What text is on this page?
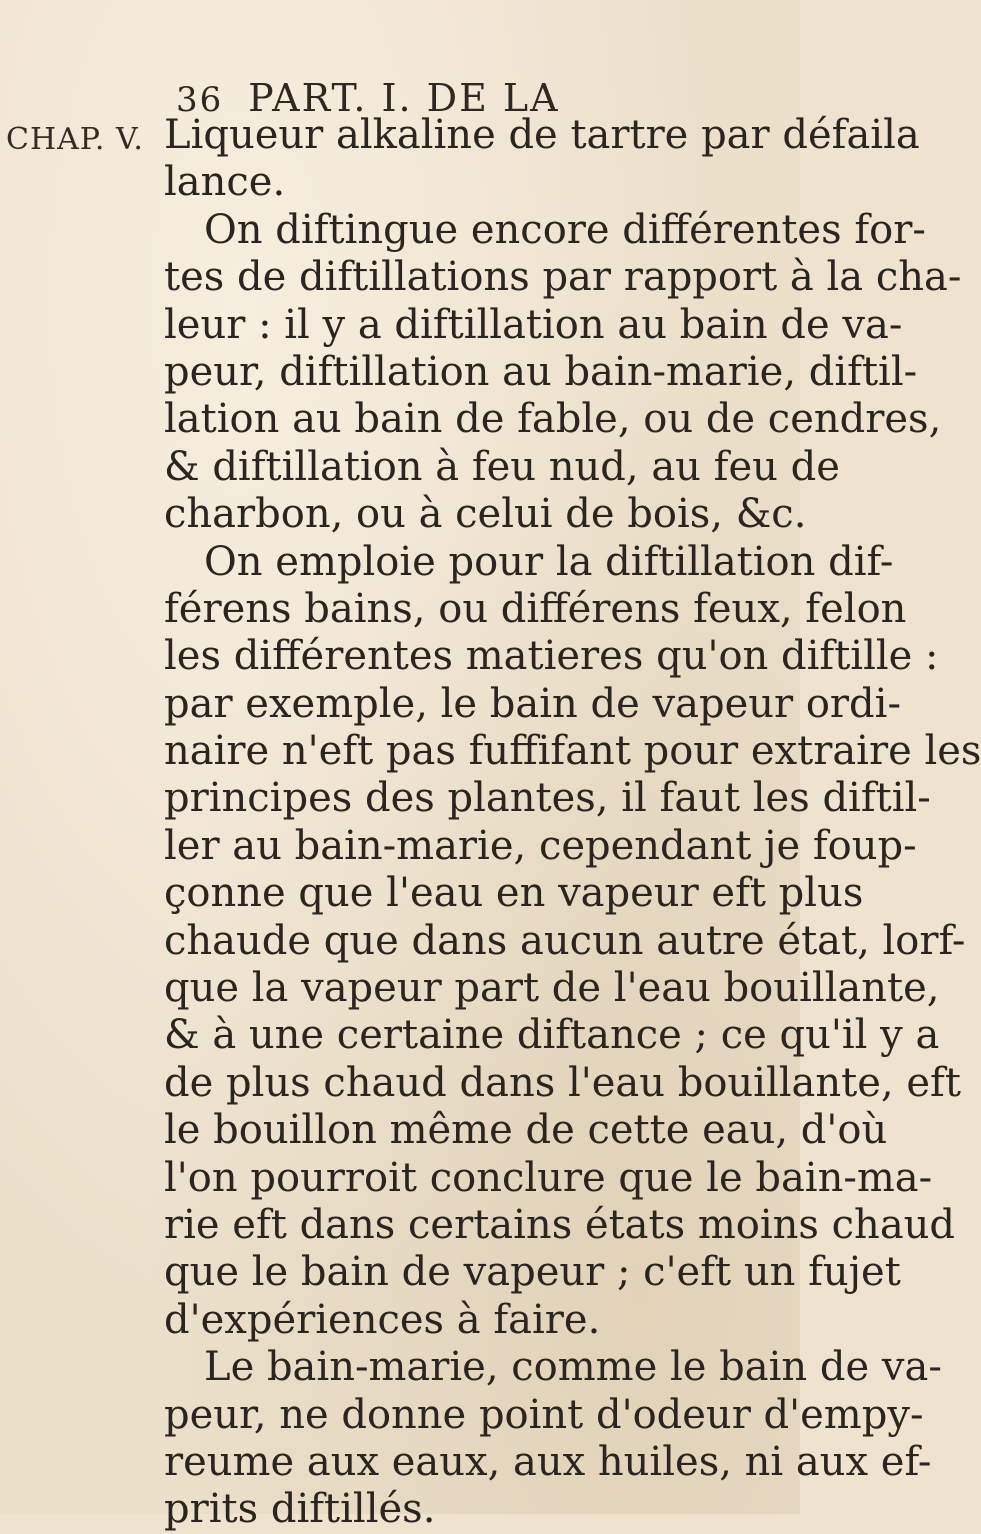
36 PART. I. DE LA
CHAP. V. Liqueur alkaline de tartre par défaila
lance.
On diftingue encore différentes for-
tes de diftillations par rapport à la cha-
leur : il y a diftillation au bain de va-
peur, diftillation au bain-marie, diftil-
lation au bain de fable, ou de cendres,
& diftillation à feu nud, au feu de
charbon, ou à celui de bois, &c.
On emploie pour la diftillation dif-
férens bains, ou différens feux, felon
les différentes matieres qu'on diftille :
par exemple, le bain de vapeur ordi-
naire n'eft pas fuffifant pour extraire les
principes des plantes, il faut les diftil-
ler au bain-marie, cependant je foup-
çonne que l'eau en vapeur eft plus
chaude que dans aucun autre état, lorf-
que la vapeur part de l'eau bouillante,
& à une certaine diftance ; ce qu'il y a
de plus chaud dans l'eau bouillante, eft
le bouillon même de cette eau, d'où
l'on pourroit conclure que le bain-ma-
rie eft dans certains états moins chaud
que le bain de vapeur ; c'eft un fujet
d'expériences à faire.
Le bain-marie, comme le bain de va-
peur, ne donne point d'odeur d'empy-
reume aux eaux, aux huiles, ni aux ef-
prits diftillés.
